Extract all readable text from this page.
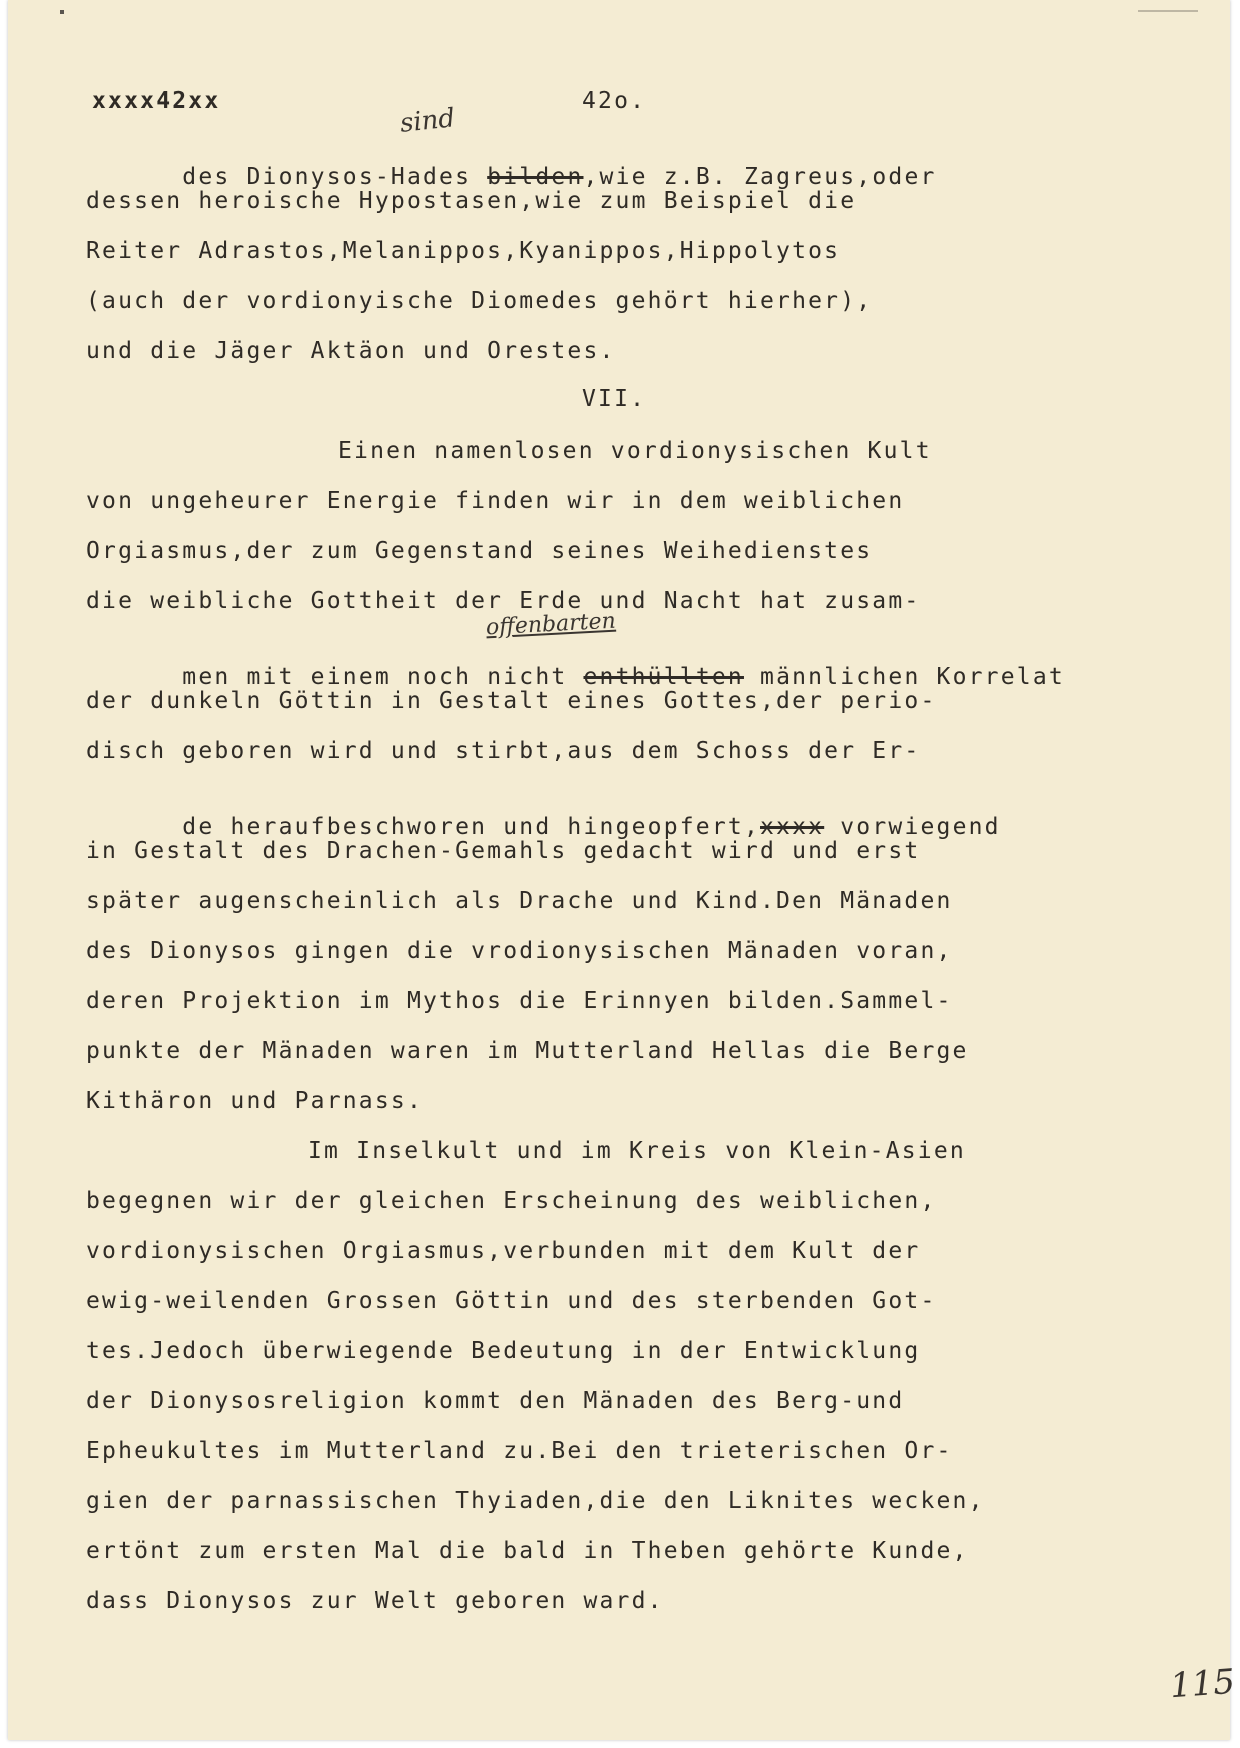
xxxx42xx

	42o.

des Dionysos-Hades bilden,wie z.B. Zagreus,oder

dessen heroische Hypostasen,wie zum Beispiel die

Reiter Adrastos,Melanippos,Kyanippos,Hippolytos

(auch der vordionyische Diomedes gehört hierher),

und die Jäger Aktäon und Orestes.

VII.

Einen namenlosen vordionysischen Kult

von ungeheurer Energie finden wir in dem weiblichen

Orgiasmus,der zum Gegenstand seines Weihedienstes

die weibliche Gottheit der Erde und Nacht hat zusam-

men mit einem noch nicht enthüllten männlichen Korrelat

der dunkeln Göttin in Gestalt eines Gottes,der perio-

disch geboren wird und stirbt,aus dem Schoss der Er-

de heraufbeschworen und hingeopfert,xxxx vorwiegend

in Gestalt des Drachen-Gemahls gedacht wird und erst

später augenscheinlich als Drache und Kind.Den Mänaden

des Dionysos gingen die vrodionysischen Mänaden voran,

deren Projektion im Mythos die Erinnyen bilden.Sammel-

punkte der Mänaden waren im Mutterland Hellas die Berge

Kithäron und Parnass.

Im Inselkult und im Kreis von Klein-Asien

begegnen wir der gleichen Erscheinung des weiblichen,

vordionysischen Orgiasmus,verbunden mit dem Kult der

ewig-weilenden Grossen Göttin und des sterbenden Got-

tes.Jedoch überwiegende Bedeutung in der Entwicklung

der Dionysosreligion kommt den Mänaden des Berg-und

Epheukultes im Mutterland zu.Bei den trieterischen Or-

gien der parnassischen Thyiaden,die den Liknites wecken,

ertönt zum ersten Mal die bald in Theben gehörte Kunde,

dass Dionysos zur Welt geboren ward.

sind
offenbarten
115
